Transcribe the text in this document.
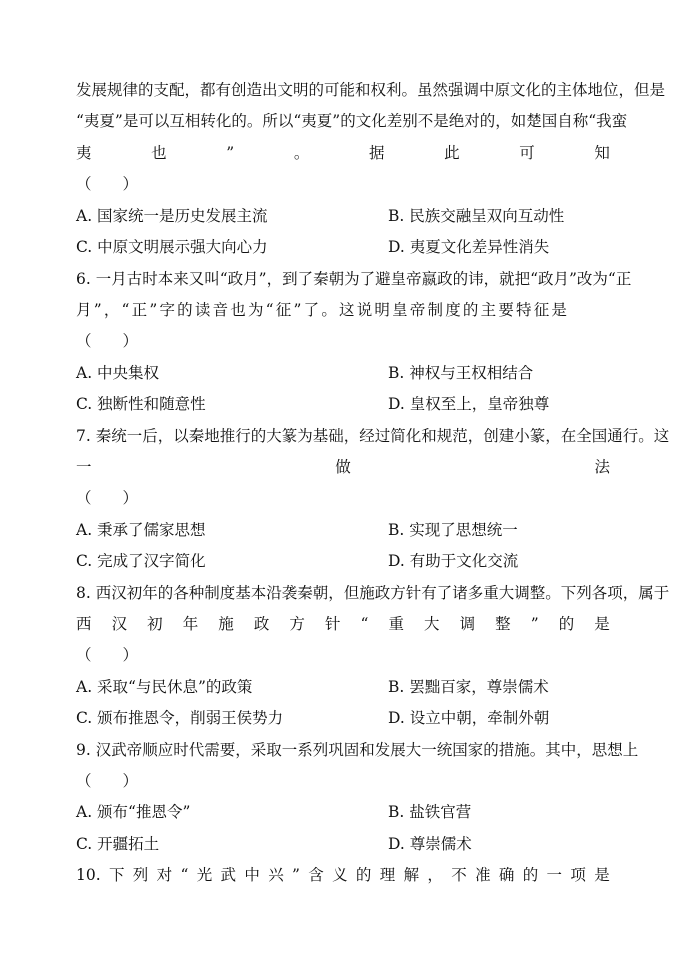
发展规律的支配，都有创造出文明的可能和权利。虽然强调中原文化的主体地位，但是
“夷夏”是可以互相转化的。所以“夷夏”的文化差别不是绝对的，如楚国自称“我蛮
夷	也	”	。	据	此	可	知
（　　）
A. 国家统一是历史发展主流	B. 民族交融呈双向互动性
C. 中原文明展示强大向心力	D. 夷夏文化差异性消失
6. 一月古时本来又叫“政月”，到了秦朝为了避皇帝嬴政的讳，就把“政月”改为“正
月”，“正”字的读音也为“征”了。这说明皇帝制度的主要特征是
（　　）
A. 中央集权	B. 神权与王权相结合
C. 独断性和随意性	D. 皇权至上，皇帝独尊
7. 秦统一后，以秦地推行的大篆为基础，经过简化和规范，创建小篆，在全国通行。这
一	做	法
（　　）
A. 秉承了儒家思想	B. 实现了思想统一
C. 完成了汉字简化	D. 有助于文化交流
8. 西汉初年的各种制度基本沿袭秦朝，但施政方针有了诸多重大调整。下列各项，属于
西 汉 初 年 施 政 方 针 “ 重 大 调 整 ” 的 是
（　　）
A. 采取“与民休息”的政策	B. 罢黜百家，尊崇儒术
C. 颁布推恩令，削弱王侯势力	D. 设立中朝，牵制外朝
9. 汉武帝顺应时代需要，采取一系列巩固和发展大一统国家的措施。其中，思想上
（　　）
A. 颁布“推恩令”	B. 盐铁官营
C. 开疆拓土	D. 尊崇儒术
10. 下 列 对 “ 光 武 中 兴 ” 含 义 的 理 解 ， 不 准 确 的 一 项 是
